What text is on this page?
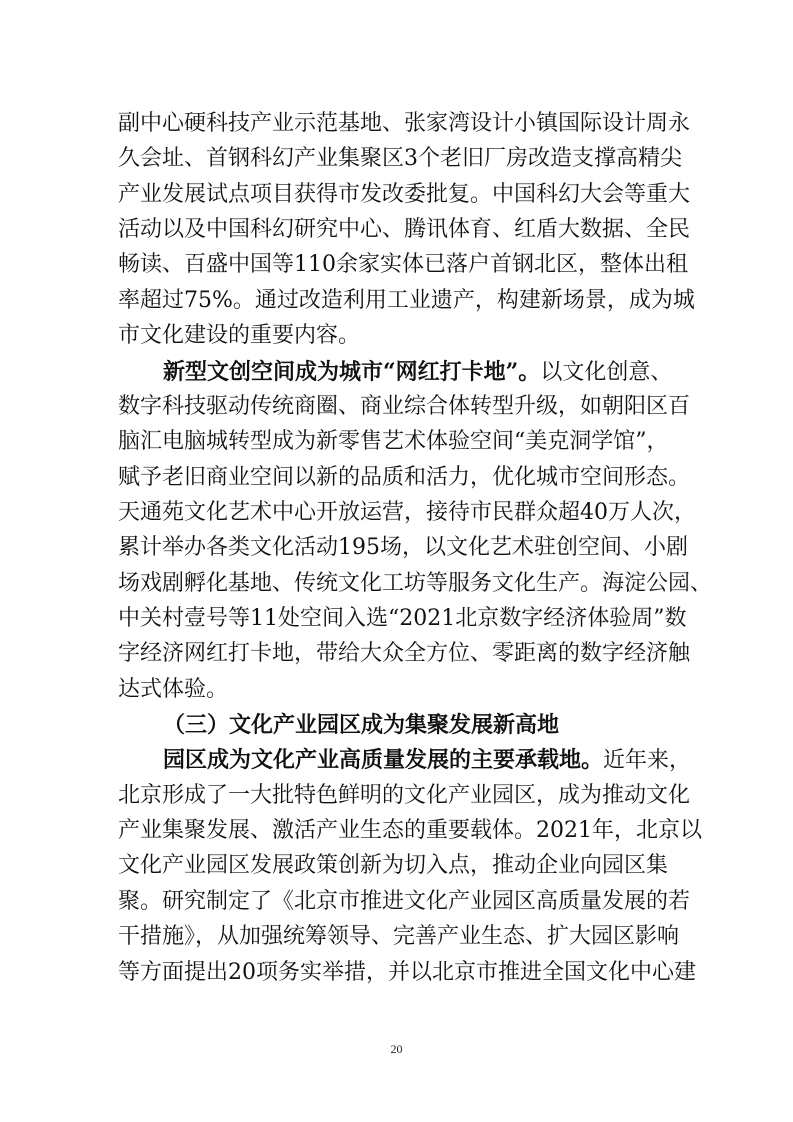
副中心硬科技产业示范基地、张家湾设计小镇国际设计周永
久会址、首钢科幻产业集聚区3个老旧厂房改造支撑高精尖
产业发展试点项目获得市发改委批复。中国科幻大会等重大
活动以及中国科幻研究中心、腾讯体育、红盾大数据、全民
畅读、百盛中国等110余家实体已落户首钢北区，整体出租
率超过75%。通过改造利用工业遗产，构建新场景，成为城
市文化建设的重要内容。
新型文创空间成为城市“网红打卡地”。以文化创意、
数字科技驱动传统商圈、商业综合体转型升级，如朝阳区百
脑汇电脑城转型成为新零售艺术体验空间“美克洞学馆”，
赋予老旧商业空间以新的品质和活力，优化城市空间形态。
天通苑文化艺术中心开放运营，接待市民群众超40万人次，
累计举办各类文化活动195场，以文化艺术驻创空间、小剧
场戏剧孵化基地、传统文化工坊等服务文化生产。海淀公园、
中关村壹号等11处空间入选“2021北京数字经济体验周”数
字经济网红打卡地，带给大众全方位、零距离的数字经济触
达式体验。
（三）文化产业园区成为集聚发展新高地
园区成为文化产业高质量发展的主要承载地。近年来，
北京形成了一大批特色鲜明的文化产业园区，成为推动文化
产业集聚发展、激活产业生态的重要载体。2021年，北京以
文化产业园区发展政策创新为切入点，推动企业向园区集
聚。研究制定了《北京市推进文化产业园区高质量发展的若
干措施》，从加强统筹领导、完善产业生态、扩大园区影响
等方面提出20项务实举措，并以北京市推进全国文化中心建
20
